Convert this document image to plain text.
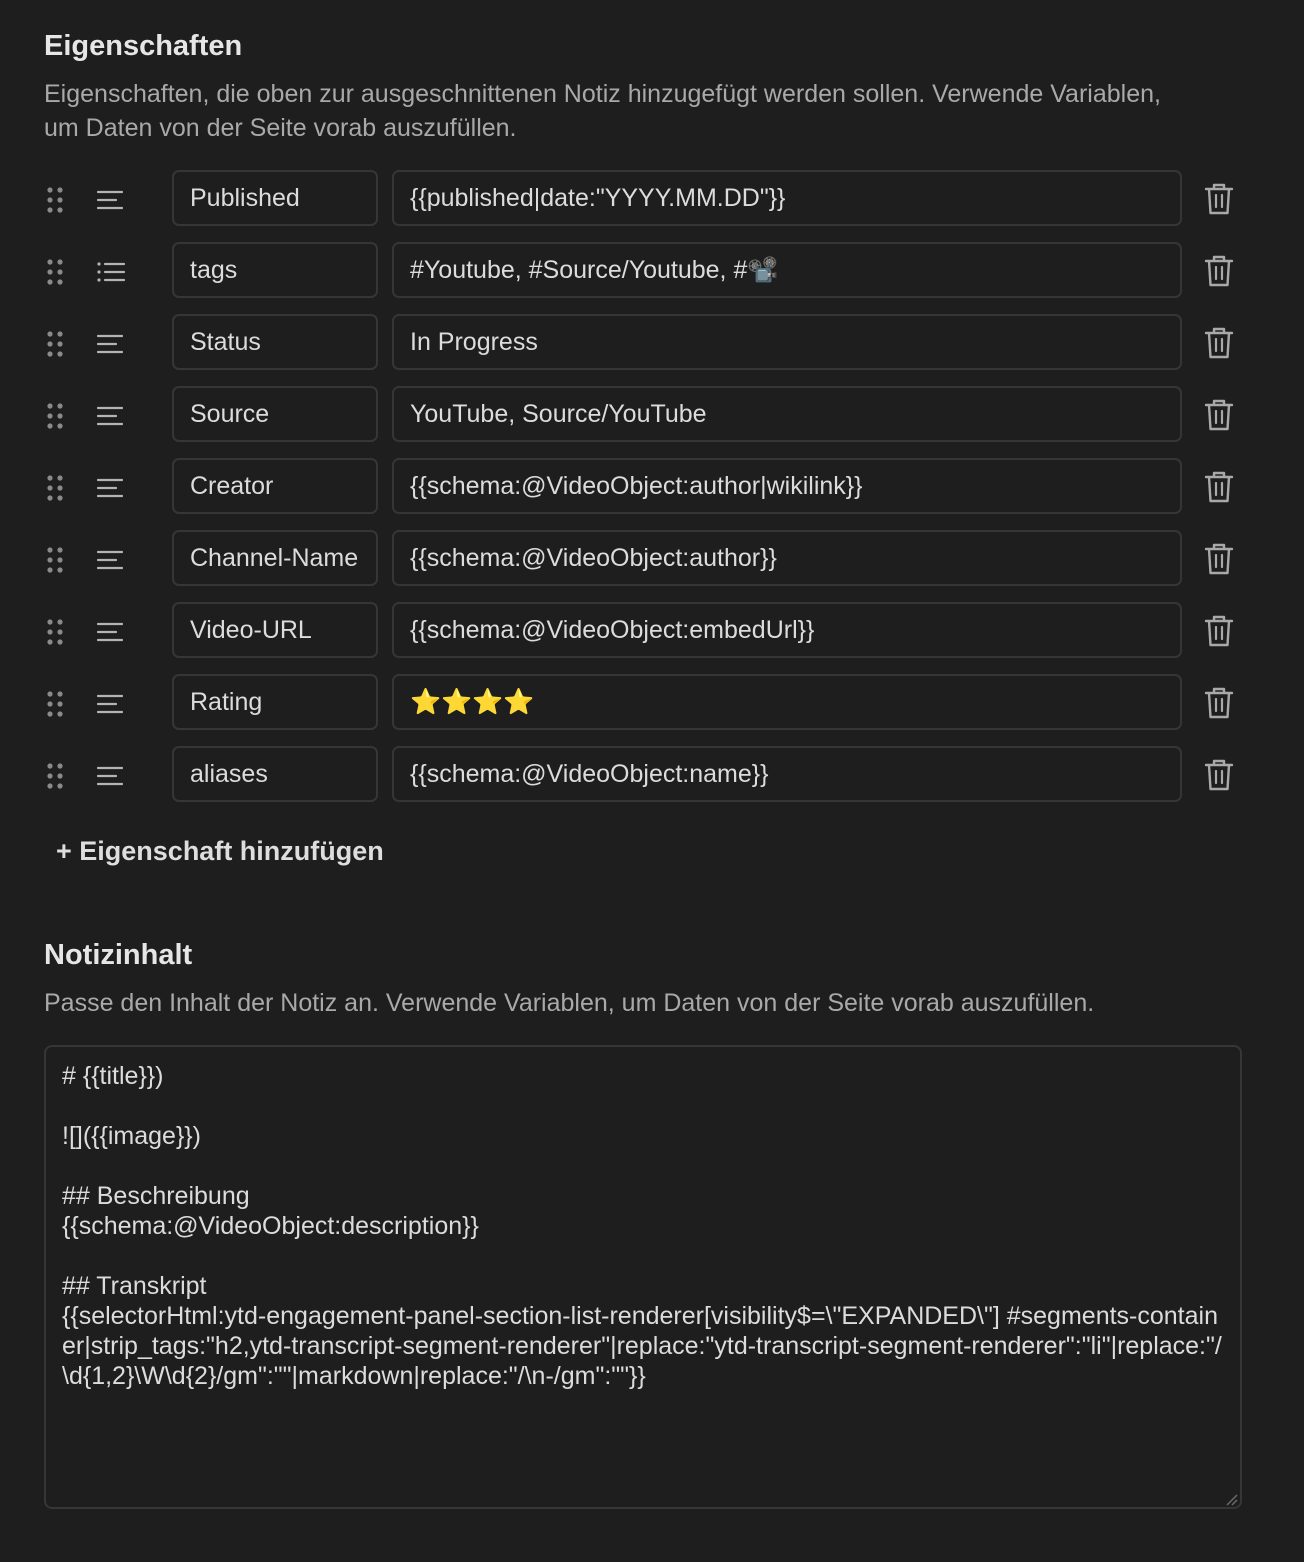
Eigenschaften

Eigenschaften, die oben zur ausgeschnittenen Notiz hinzugefügt werden sollen. Verwende Variablen, um Daten von der Seite vorab auszufüllen.

Published
{{published|date:"YYYY.MM.DD"}}
tags
#Youtube, #Source/Youtube, #📽️
Status
In Progress
Source
YouTube, Source/YouTube
Creator
{{schema:@VideoObject:author|wikilink}}
Channel-Name
{{schema:@VideoObject:author}}
Video-URL
{{schema:@VideoObject:embedUrl}}
Rating
⭐⭐⭐⭐
aliases
{{schema:@VideoObject:name}}
+ Eigenschaft hinzufügen
Notizinhalt

Passe den Inhalt der Notiz an. Verwende Variablen, um Daten von der Seite vorab auszufüllen.

# {{title}}) ![]({{image}}) ## Beschreibung {{schema:@VideoObject:description}} ## Transkript {{selectorHtml:ytd-engagement-panel-section-list-renderer[visibility$=\"EXPANDED\"] #segments-container|strip_tags:"h2,ytd-transcript-segment-renderer"|replace:"ytd-transcript-segment-renderer":"li"|replace:"/\d{1,2}\W\d{2}/gm":""|markdown|replace:"/\n-/gm":""}}
